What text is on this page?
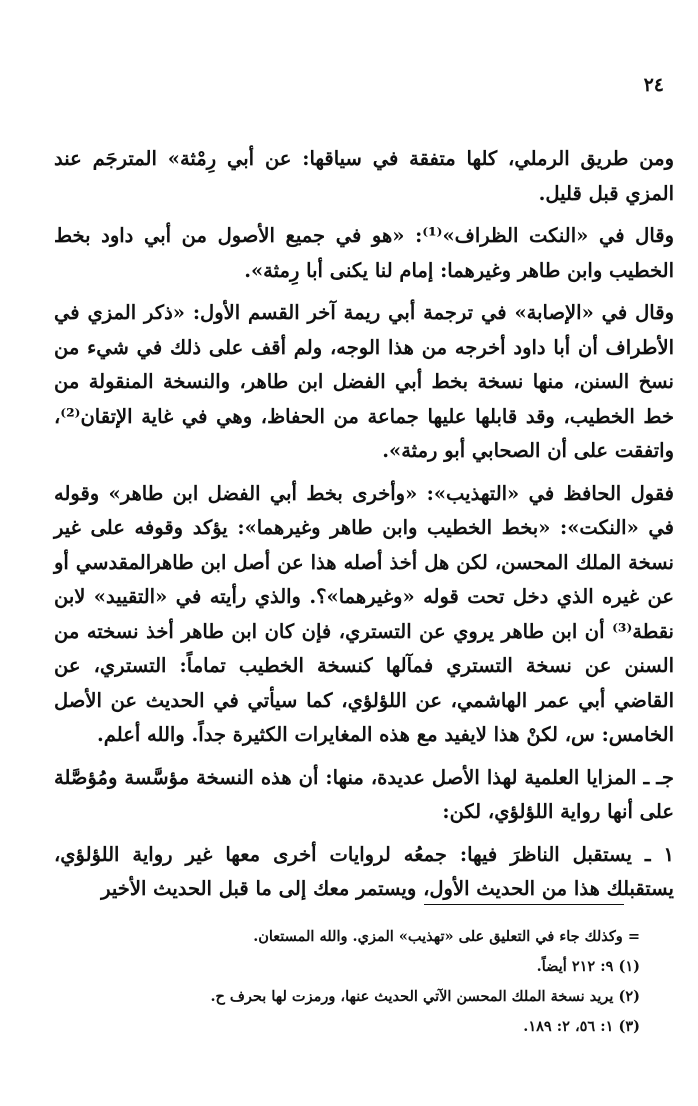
٢٤

ومن طريق الرملي، كلها متفقة في سياقها: عن أبي رِمْثة» المترجَم عند المزي قبل قليل.

وقال في «النكت الظراف»⁽¹⁾: «هو في جميع الأصول من أبي داود بخط الخطيب وابن طاهر وغيرهما: إمام لنا يكنى أبا رِمثة».

وقال في «الإصابة» في ترجمة أبي ريمة آخر القسم الأول: «ذكر المزي في الأطراف أن أبا داود أخرجه من هذا الوجه، ولم أقف على ذلك في شيء من نسخ السنن، منها نسخة بخط أبي الفضل ابن طاهر، والنسخة المنقولة من خط الخطيب، وقد قابلها عليها جماعة من الحفاظ، وهي في غاية الإتقان⁽²⁾، واتفقت على أن الصحابي أبو رمثة».

فقول الحافظ في «التهذيب»: «وأخرى بخط أبي الفضل ابن طاهر» وقوله في «النكت»: «بخط الخطيب وابن طاهر وغيرهما»: يؤكد وقوفه على غير نسخة الملك المحسن، لكن هل أخذ أصله هذا عن أصل ابن طاهرالمقدسي أو عن غيره الذي دخل تحت قوله «وغيرهما»؟. والذي رأيته في «التقييد» لابن نقطة⁽³⁾ أن ابن طاهر يروي عن التستري، فإن كان ابن طاهر أخذ نسخته من السنن عن نسخة التستري فمآلها كنسخة الخطيب تماماً: التستري، عن القاضي أبي عمر الهاشمي، عن اللؤلؤي، كما سيأتي في الحديث عن الأصل الخامس: س، لكنْ هذا لايفيد مع هذه المغايرات الكثيرة جداً. والله أعلم.

جـ ـ المزايا العلمية لهذا الأصل عديدة، منها: أن هذه النسخة مؤسَّسة ومُؤصَّلة على أنها رواية اللؤلؤي، لكن:

١ ـ يستقبل الناظرَ فيها: جمعُه لروايات أخرى معها غير رواية اللؤلؤي، يستقبلك هذا من الحديث الأول، ويستمر معك إلى ما قبل الحديث الأخير

= وكذلك جاء في التعليق على «تهذيب» المزي. والله المستعان.

(١) ٩: ٢١٢ أيضاً.

(٢) يريد نسخة الملك المحسن الآتي الحديث عنها، ورمزت لها بحرف ح.

(٣) ١: ٥٦، ٢: ١٨٩.
